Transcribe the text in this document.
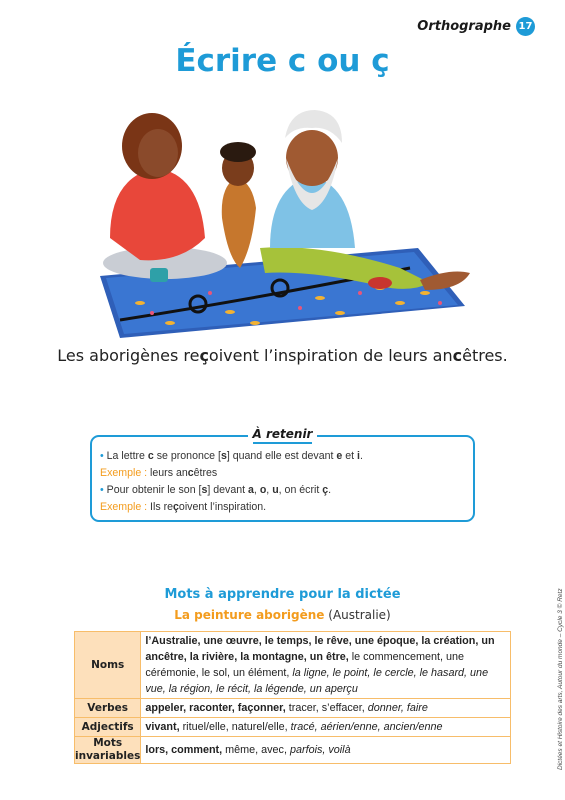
Orthographe 17
Écrire c ou ç

Les aborigènes reçoivent l’inspiration de leurs ancêtres.

À retenir
• La lettre c se prononce [s] quand elle est devant e et i.
Exemple : leurs ancêtres
• Pour obtenir le son [s] devant a, o, u, on écrit ç.
Exemple : Ils reçoivent l’inspiration.
Mots à apprendre pour la dictée

La peinture aborigène (Australie)

Noms	l’Australie, une œuvre, le temps, le rêve, une époque, la création, un ancêtre, la rivière, la montagne, un être, le commencement, une cérémonie, le sol, un élément, la ligne, le point, le cercle, le hasard, une vue, la région, le récit, la légende, un aperçu
Verbes	appeler, raconter, façonner, tracer, s’effacer, donner, faire
Adjectifs	vivant, rituel/elle, naturel/elle, tracé, aérien/enne, ancien/enne
Mots
invariables	lors, comment, même, avec, parfois, voilà	Dictées et Histoire des arts, Autour du monde – Cycle 3 © Retz
